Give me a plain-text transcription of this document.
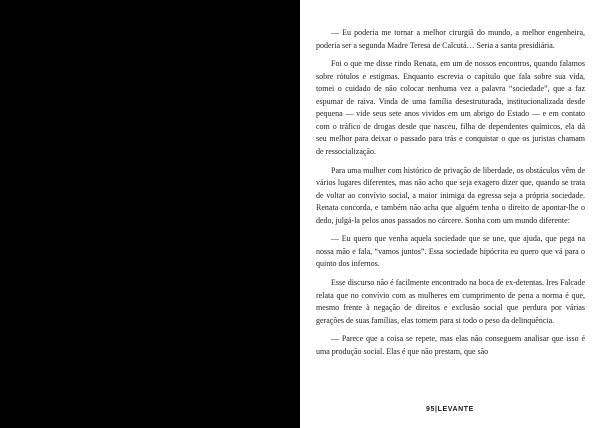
— Eu poderia me tornar a melhor cirurgiã do mundo, a melhor engenheira, poderia ser a segunda Madre Teresa de Calcutá… Seria a santa presidiária.

Foi o que me disse rindo Renata, em um de nossos encontros, quando falamos sobre rótulos e estigmas. Enquanto escrevia o capítulo que fala sobre sua vida, tomei o cuidado de não colocar nenhuma vez a palavra “sociedade”, que a faz espumar de raiva. Vinda de uma família desestruturada, institucionalizada desde pequena — vide seus sete anos vividos em um abrigo do Estado — e em contato com o tráfico de drogas desde que nasceu, filha de dependentes químicos, ela dá seu melhor para deixar o passado para trás e conquistar o que os juristas chamam de ressocialização.

Para uma mulher com histórico de privação de liberdade, os obstáculos vêm de vários lugares diferentes, mas não acho que seja exagero dizer que, quando se trata de voltar ao convívio social, a maior inimiga da egressa seja a própria sociedade. Renata concorda, e também não acha que alguém tenha o direito de apontar-lhe o dedo, julgá-la pelos anos passados no cárcere. Sonha com um mundo diferente:

— Eu quero que venha aquela sociedade que se une, que ajuda, que pega na nossa mão e fala, “vamos juntos”. Essa sociedade hipócrita eu quero que vá para o quinto dos infernos.

Esse discurso não é facilmente encontrado na boca de ex-detentas. Ires Falcade relata que no convívio com as mulheres em cumprimento de pena a norma é que, mesmo frente à negação de direitos e exclusão social que perdura por várias gerações de suas famílias, elas tomem para si todo o peso da delinquência.

— Parece que a coisa se repete, mas elas não conseguem analisar que isso é uma produção social. Elas é que não prestam, que são

95|LEVANTE
